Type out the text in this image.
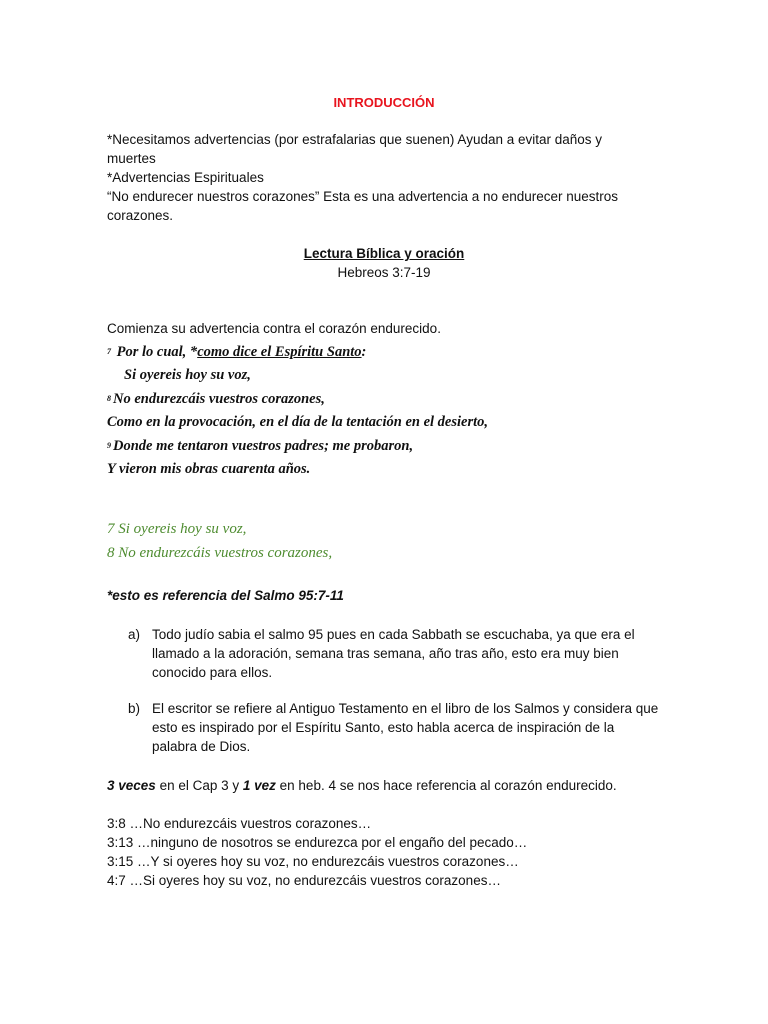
INTRODUCCIÓN
*Necesitamos advertencias (por estrafalarias que suenen) Ayudan a evitar daños y
muertes
*Advertencias Espirituales
“No endurecer nuestros corazones” Esta es una advertencia a no endurecer nuestros
corazones.
Lectura Bíblica y oración
Hebreos 3:7-19
Comienza su advertencia contra el corazón endurecido.
7 Por lo cual, *como dice el Espíritu Santo:
Si oyereis hoy su voz,
8 No endurezcáis vuestros corazones,
Como en la provocación, en el día de la tentación en el desierto,
9 Donde me tentaron vuestros padres; me probaron,
Y vieron mis obras cuarenta años.
7 Si oyereis hoy su voz,
8 No endurezcáis vuestros corazones,
*esto es referencia del Salmo 95:7-11
a) Todo judío sabia el salmo 95 pues en cada Sabbath se escuchaba, ya que era el llamado a la adoración, semana tras semana, año tras año, esto era muy bien conocido para ellos.
b) El escritor se refiere al Antiguo Testamento en el libro de los Salmos y considera que esto es inspirado por el Espíritu Santo, esto habla acerca de inspiración de la palabra de Dios.
3 veces en el Cap 3 y 1 vez en heb. 4 se nos hace referencia al corazón endurecido.
3:8 …No endurezcáis vuestros corazones…
3:13 …ninguno de nosotros se endurezca por el engaño del pecado…
3:15 …Y si oyeres hoy su voz, no endurezcáis vuestros corazones…
4:7 …Si oyeres hoy su voz, no endurezcáis vuestros corazones…
